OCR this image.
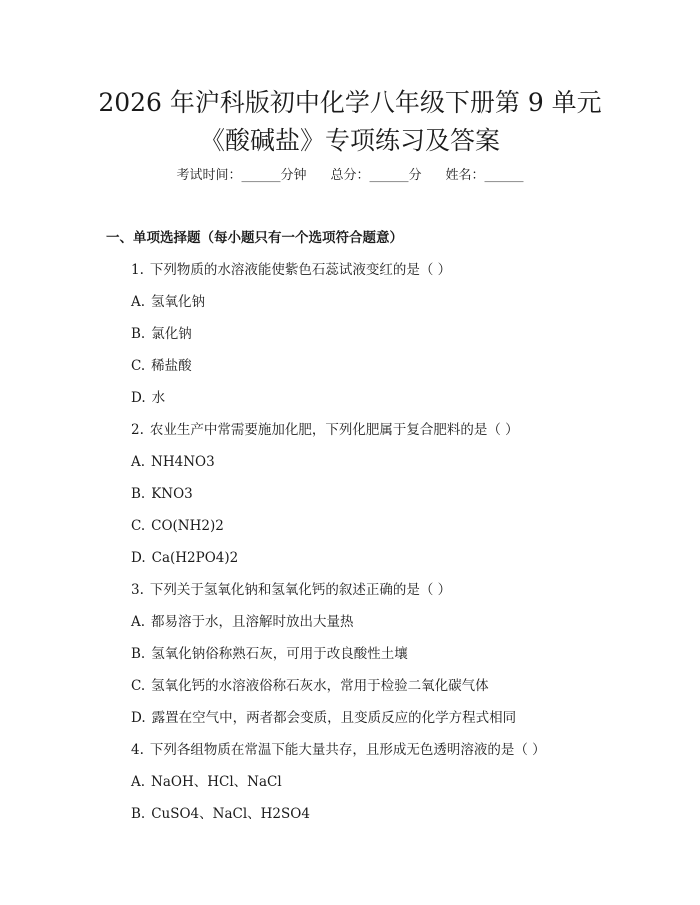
2026 年沪科版初中化学八年级下册第 9 单元
《酸碱盐》专项练习及答案
考试时间：______分钟 总分：______分 姓名：______
一、单项选择题（每小题只有一个选项符合题意）
1. 下列物质的水溶液能使紫色石蕊试液变红的是（ ）
A. 氢氧化钠
B. 氯化钠
C. 稀盐酸
D. 水
2. 农业生产中常需要施加化肥，下列化肥属于复合肥料的是（ ）
A. NH4NO3
B. KNO3
C. CO(NH2)2
D. Ca(H2PO4)2
3. 下列关于氢氧化钠和氢氧化钙的叙述正确的是（ ）
A. 都易溶于水，且溶解时放出大量热
B. 氢氧化钠俗称熟石灰，可用于改良酸性土壤
C. 氢氧化钙的水溶液俗称石灰水，常用于检验二氧化碳气体
D. 露置在空气中，两者都会变质，且变质反应的化学方程式相同
4. 下列各组物质在常温下能大量共存，且形成无色透明溶液的是（ ）
A. NaOH、HCl、NaCl
B. CuSO4、NaCl、H2SO4
